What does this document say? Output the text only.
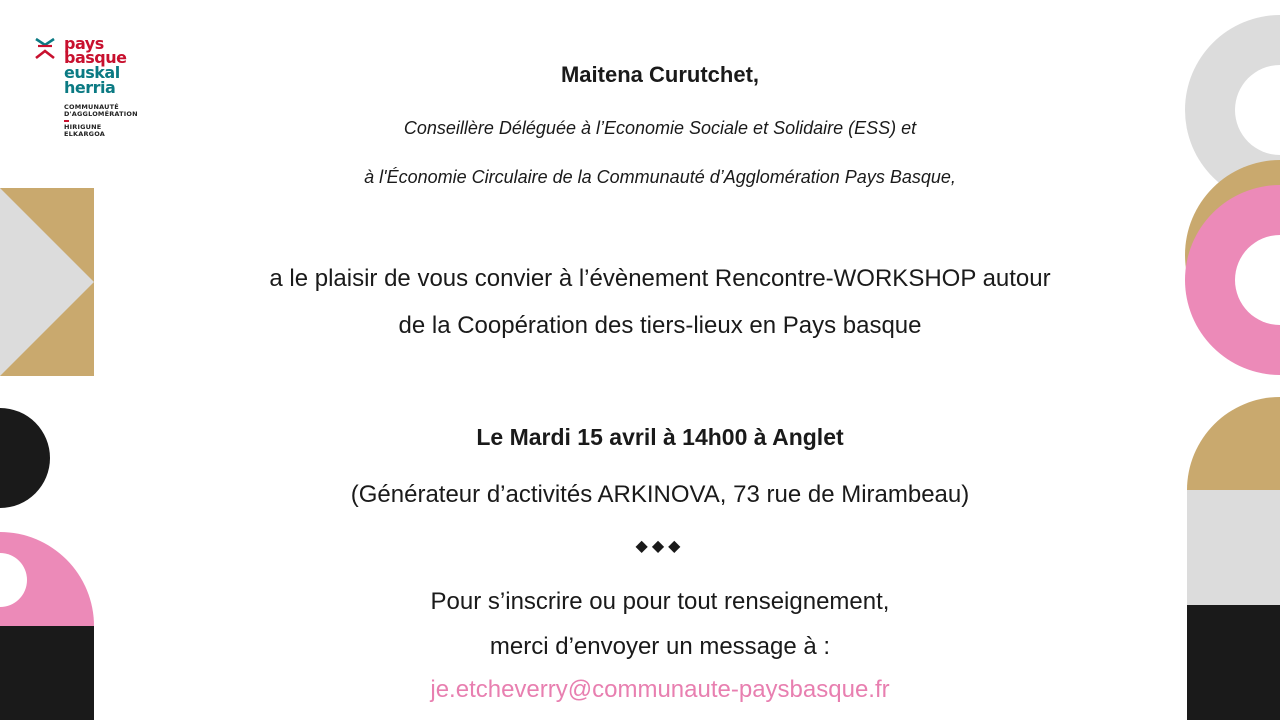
pays
basque
euskal
herria
COMMUNAUTÉ
D'AGGLOMÉRATION
HIRIGUNE
ELKARGOA
Maitena Curutchet,
Conseillère Déléguée à l’Economie Sociale et Solidaire (ESS) et
à l'Économie Circulaire de la Communauté d’Agglomération Pays Basque,
a le plaisir de vous convier à l’évènement Rencontre-WORKSHOP autour
de la Coopération des tiers-lieux en Pays basque
Le Mardi 15 avril à 14h00 à Anglet
(Générateur d’activités ARKINOVA, 73 rue de Mirambeau)
◆◆◆
Pour s’inscrire ou pour tout renseignement,
merci d’envoyer un message à :
je.etcheverry@communaute-paysbasque.fr
